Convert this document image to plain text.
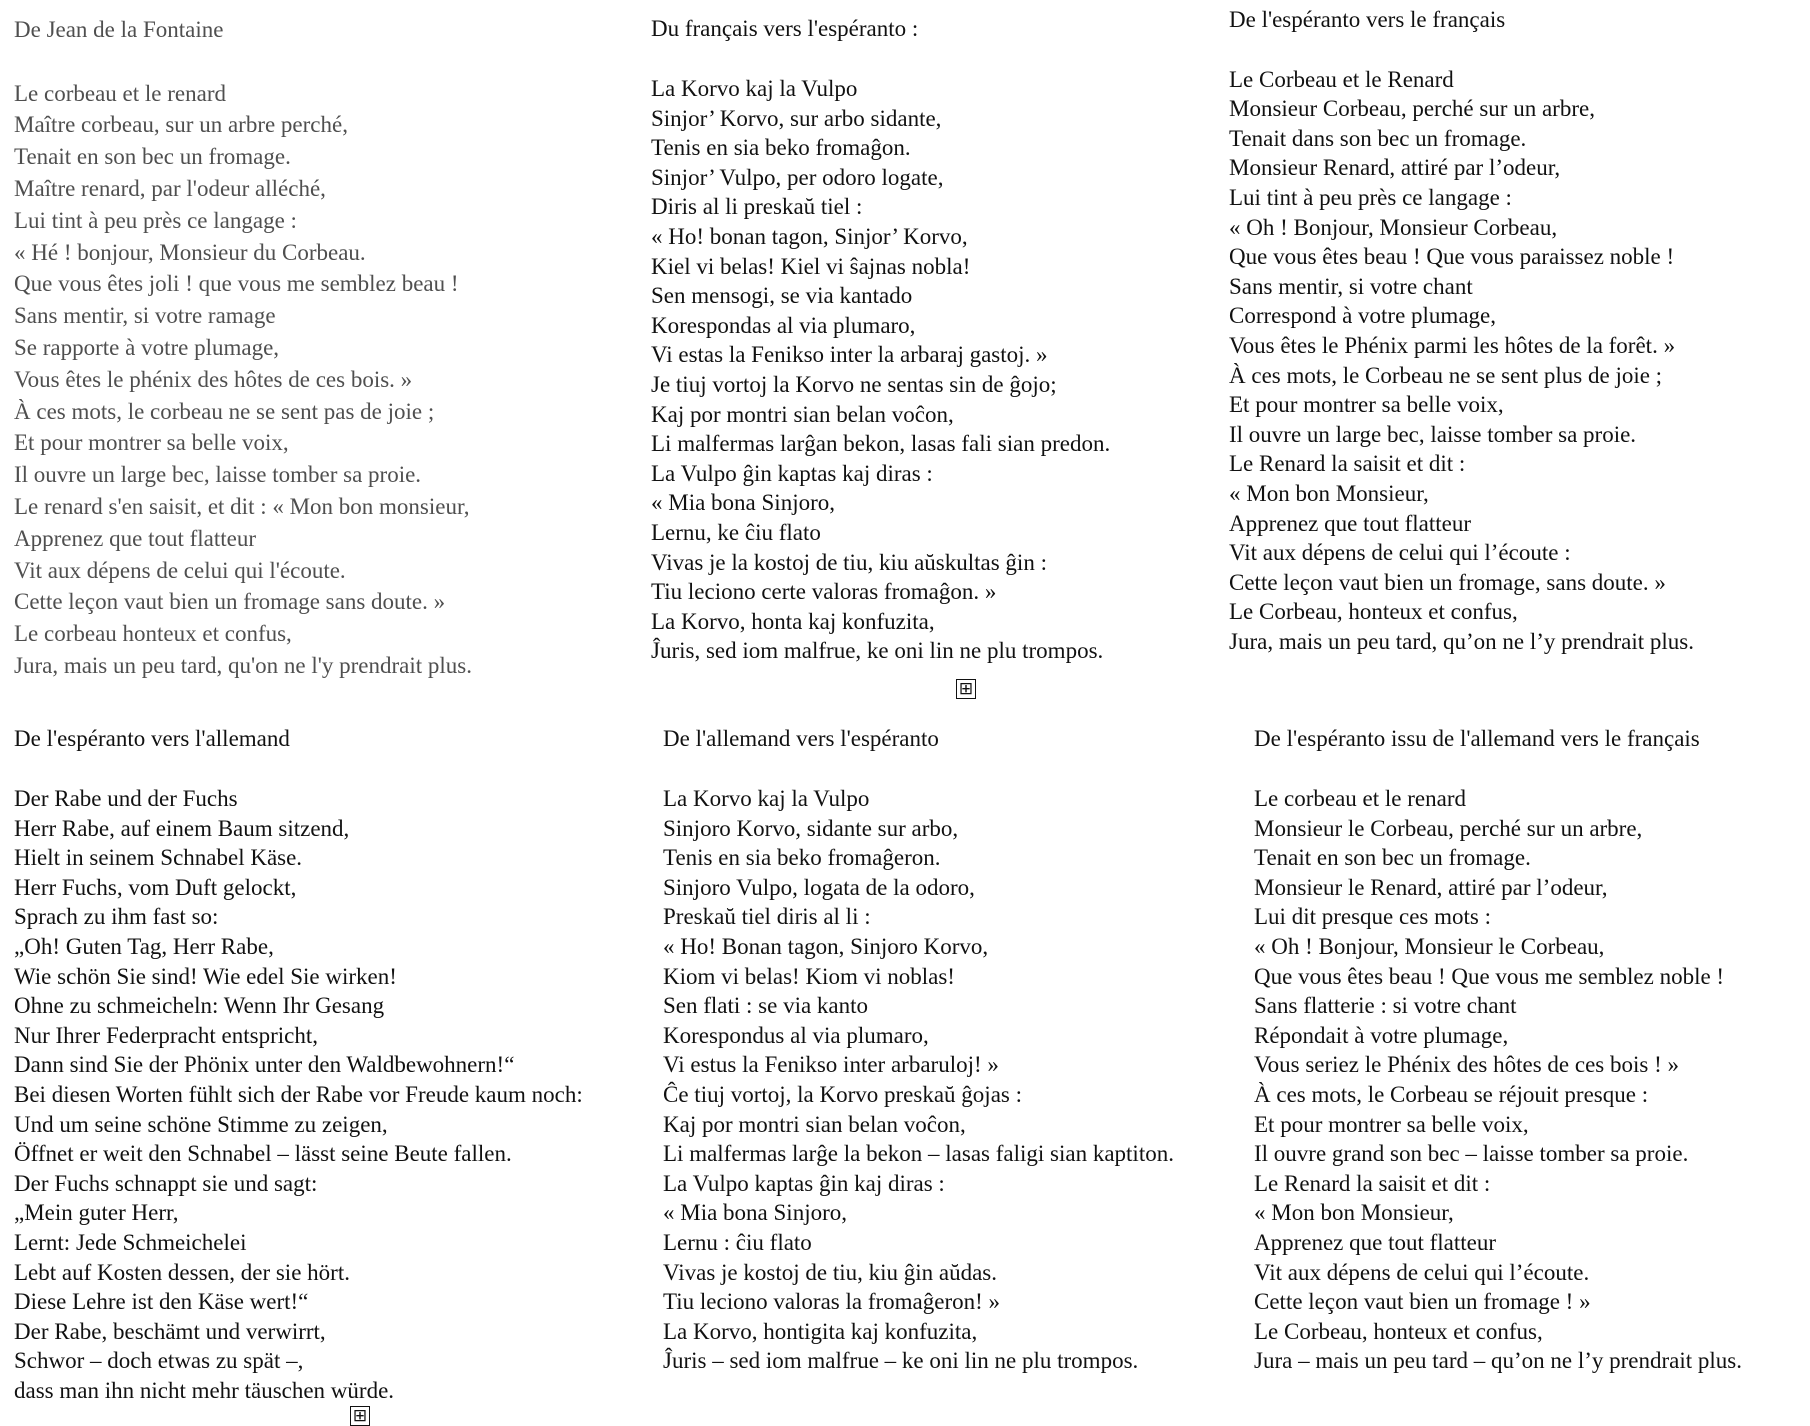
De Jean de la Fontaine
Le corbeau et le renard
Maître corbeau, sur un arbre perché,
Tenait en son bec un fromage.
Maître renard, par l'odeur alléché,
Lui tint à peu près ce langage :
« Hé ! bonjour, Monsieur du Corbeau.
Que vous êtes joli ! que vous me semblez beau !
Sans mentir, si votre ramage
Se rapporte à votre plumage,
Vous êtes le phénix des hôtes de ces bois. »
À ces mots, le corbeau ne se sent pas de joie ;
Et pour montrer sa belle voix,
Il ouvre un large bec, laisse tomber sa proie.
Le renard s'en saisit, et dit : « Mon bon monsieur,
Apprenez que tout flatteur
Vit aux dépens de celui qui l'écoute.
Cette leçon vaut bien un fromage sans doute. »
Le corbeau honteux et confus,
Jura, mais un peu tard, qu'on ne l'y prendrait plus.
Du français vers l'espéranto :
La Korvo kaj la Vulpo
Sinjor’ Korvo, sur arbo sidante,
Tenis en sia beko fromaĝon.
Sinjor’ Vulpo, per odoro logate,
Diris al li preskaŭ tiel :
« Ho! bonan tagon, Sinjor’ Korvo,
Kiel vi belas! Kiel vi ŝajnas nobla!
Sen mensogi, se via kantado
Korespondas al via plumaro,
Vi estas la Fenikso inter la arbaraj gastoj. »
Je tiuj vortoj la Korvo ne sentas sin de ĝojo;
Kaj por montri sian belan voĉon,
Li malfermas larĝan bekon, lasas fali sian predon.
La Vulpo ĝin kaptas kaj diras :
« Mia bona Sinjoro,
Lernu, ke ĉiu flato
Vivas je la kostoj de tiu, kiu aŭskultas ĝin :
Tiu leciono certe valoras fromaĝon. »
La Korvo, honta kaj konfuzita,
Ĵuris, sed iom malfrue, ke oni lin ne plu trompos.
⊞
De l'espéranto vers le français
Le Corbeau et le Renard
Monsieur Corbeau, perché sur un arbre,
Tenait dans son bec un fromage.
Monsieur Renard, attiré par l’odeur,
Lui tint à peu près ce langage :
« Oh ! Bonjour, Monsieur Corbeau,
Que vous êtes beau ! Que vous paraissez noble !
Sans mentir, si votre chant
Correspond à votre plumage,
Vous êtes le Phénix parmi les hôtes de la forêt. »
À ces mots, le Corbeau ne se sent plus de joie ;
Et pour montrer sa belle voix,
Il ouvre un large bec, laisse tomber sa proie.
Le Renard la saisit et dit :
« Mon bon Monsieur,
Apprenez que tout flatteur
Vit aux dépens de celui qui l’écoute :
Cette leçon vaut bien un fromage, sans doute. »
Le Corbeau, honteux et confus,
Jura, mais un peu tard, qu’on ne l’y prendrait plus.
De l'espéranto vers l'allemand
Der Rabe und der Fuchs
Herr Rabe, auf einem Baum sitzend,
Hielt in seinem Schnabel Käse.
Herr Fuchs, vom Duft gelockt,
Sprach zu ihm fast so:
„Oh! Guten Tag, Herr Rabe,
Wie schön Sie sind! Wie edel Sie wirken!
Ohne zu schmeicheln: Wenn Ihr Gesang
Nur Ihrer Federpracht entspricht,
Dann sind Sie der Phönix unter den Waldbewohnern!“
Bei diesen Worten fühlt sich der Rabe vor Freude kaum noch:
Und um seine schöne Stimme zu zeigen,
Öffnet er weit den Schnabel – lässt seine Beute fallen.
Der Fuchs schnappt sie und sagt:
„Mein guter Herr,
Lernt: Jede Schmeichelei
Lebt auf Kosten dessen, der sie hört.
Diese Lehre ist den Käse wert!“
Der Rabe, beschämt und verwirrt,
Schwor – doch etwas zu spät –,
dass man ihn nicht mehr täuschen würde.
⊞
De l'allemand vers l'espéranto
La Korvo kaj la Vulpo
Sinjoro Korvo, sidante sur arbo,
Tenis en sia beko fromaĝeron.
Sinjoro Vulpo, logata de la odoro,
Preskaŭ tiel diris al li :
« Ho! Bonan tagon, Sinjoro Korvo,
Kiom vi belas! Kiom vi noblas!
Sen flati : se via kanto
Korespondus al via plumaro,
Vi estus la Fenikso inter arbaruloj! »
Ĉe tiuj vortoj, la Korvo preskaŭ ĝojas :
Kaj por montri sian belan voĉon,
Li malfermas larĝe la bekon – lasas faligi sian kaptiton.
La Vulpo kaptas ĝin kaj diras :
« Mia bona Sinjoro,
Lernu : ĉiu flato
Vivas je kostoj de tiu, kiu ĝin aŭdas.
Tiu leciono valoras la fromaĝeron! »
La Korvo, hontigita kaj konfuzita,
Ĵuris – sed iom malfrue – ke oni lin ne plu trompos.
De l'espéranto issu de l'allemand vers le français
Le corbeau et le renard
Monsieur le Corbeau, perché sur un arbre,
Tenait en son bec un fromage.
Monsieur le Renard, attiré par l’odeur,
Lui dit presque ces mots :
« Oh ! Bonjour, Monsieur le Corbeau,
Que vous êtes beau ! Que vous me semblez noble !
Sans flatterie : si votre chant
Répondait à votre plumage,
Vous seriez le Phénix des hôtes de ces bois ! »
À ces mots, le Corbeau se réjouit presque :
Et pour montrer sa belle voix,
Il ouvre grand son bec – laisse tomber sa proie.
Le Renard la saisit et dit :
« Mon bon Monsieur,
Apprenez que tout flatteur
Vit aux dépens de celui qui l’écoute.
Cette leçon vaut bien un fromage ! »
Le Corbeau, honteux et confus,
Jura – mais un peu tard – qu’on ne l’y prendrait plus.
